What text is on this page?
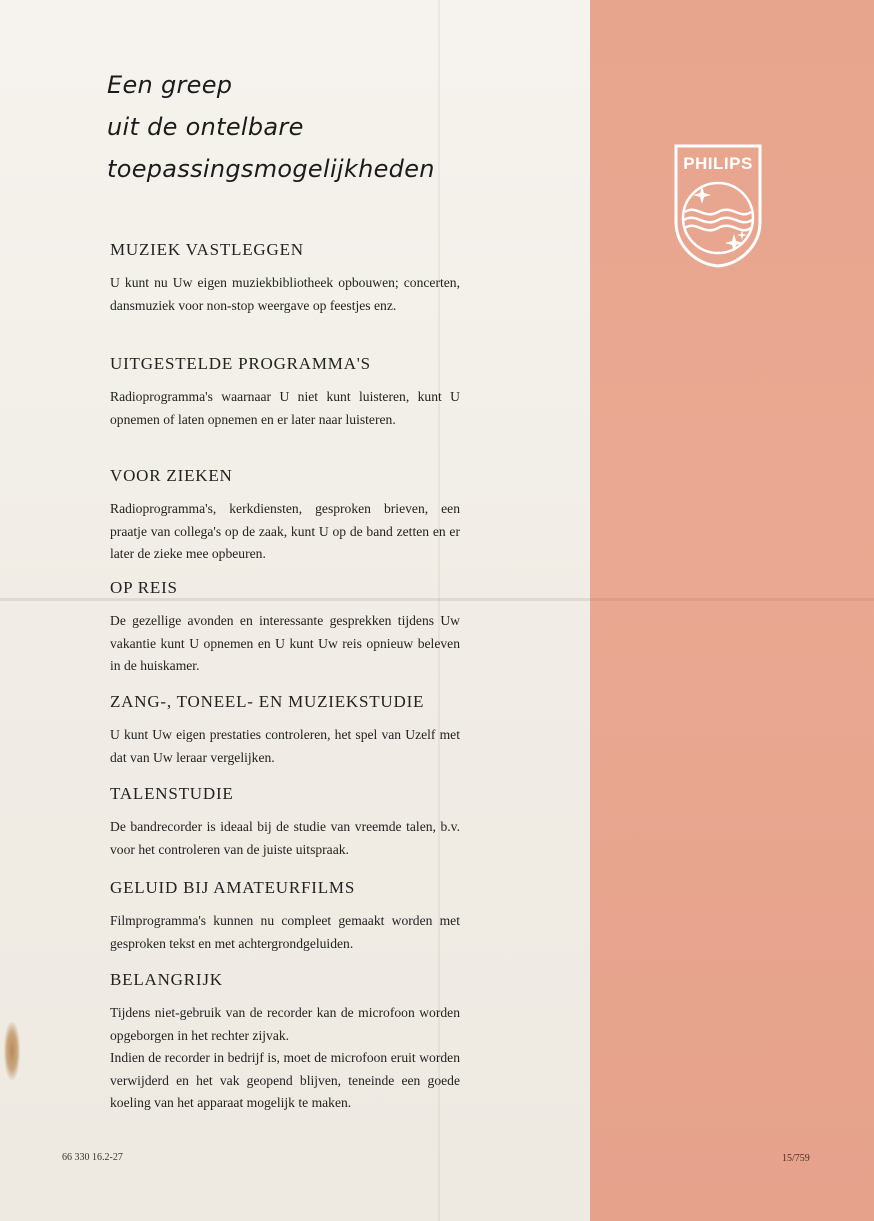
Een greep
uit de ontelbare
toepassingsmogelijkheden
MUZIEK VASTLEGGEN

U kunt nu Uw eigen muziekbibliotheek opbouwen; concerten, dansmuziek voor non-stop weergave op feestjes enz.

UITGESTELDE PROGRAMMA'S

Radioprogramma's waarnaar U niet kunt luisteren, kunt U opnemen of laten opnemen en er later naar luisteren.

VOOR ZIEKEN

Radioprogramma's, kerkdiensten, gesproken brieven, een praatje van collega's op de zaak, kunt U op de band zetten en er later de zieke mee opbeuren.

OP REIS

De gezellige avonden en interessante gesprekken tijdens Uw vakantie kunt U opnemen en U kunt Uw reis opnieuw beleven in de huiskamer.

ZANG-, TONEEL- EN MUZIEKSTUDIE

U kunt Uw eigen prestaties controleren, het spel van Uzelf met dat van Uw leraar vergelijken.

TALENSTUDIE

De bandrecorder is ideaal bij de studie van vreemde talen, b.v. voor het controleren van de juiste uitspraak.

GELUID BIJ AMATEURFILMS

Filmprogramma's kunnen nu compleet gemaakt worden met gesproken tekst en met achtergrondgeluiden.

BELANGRIJK

Tijdens niet-gebruik van de recorder kan de microfoon worden opgeborgen in het rechter zijvak.

Indien de recorder in bedrijf is, moet de microfoon eruit worden verwijderd en het vak geopend blijven, teneinde een goede koeling van het apparaat mogelijk te maken.

66 330 16.2-27	15/759
PHILIPS
